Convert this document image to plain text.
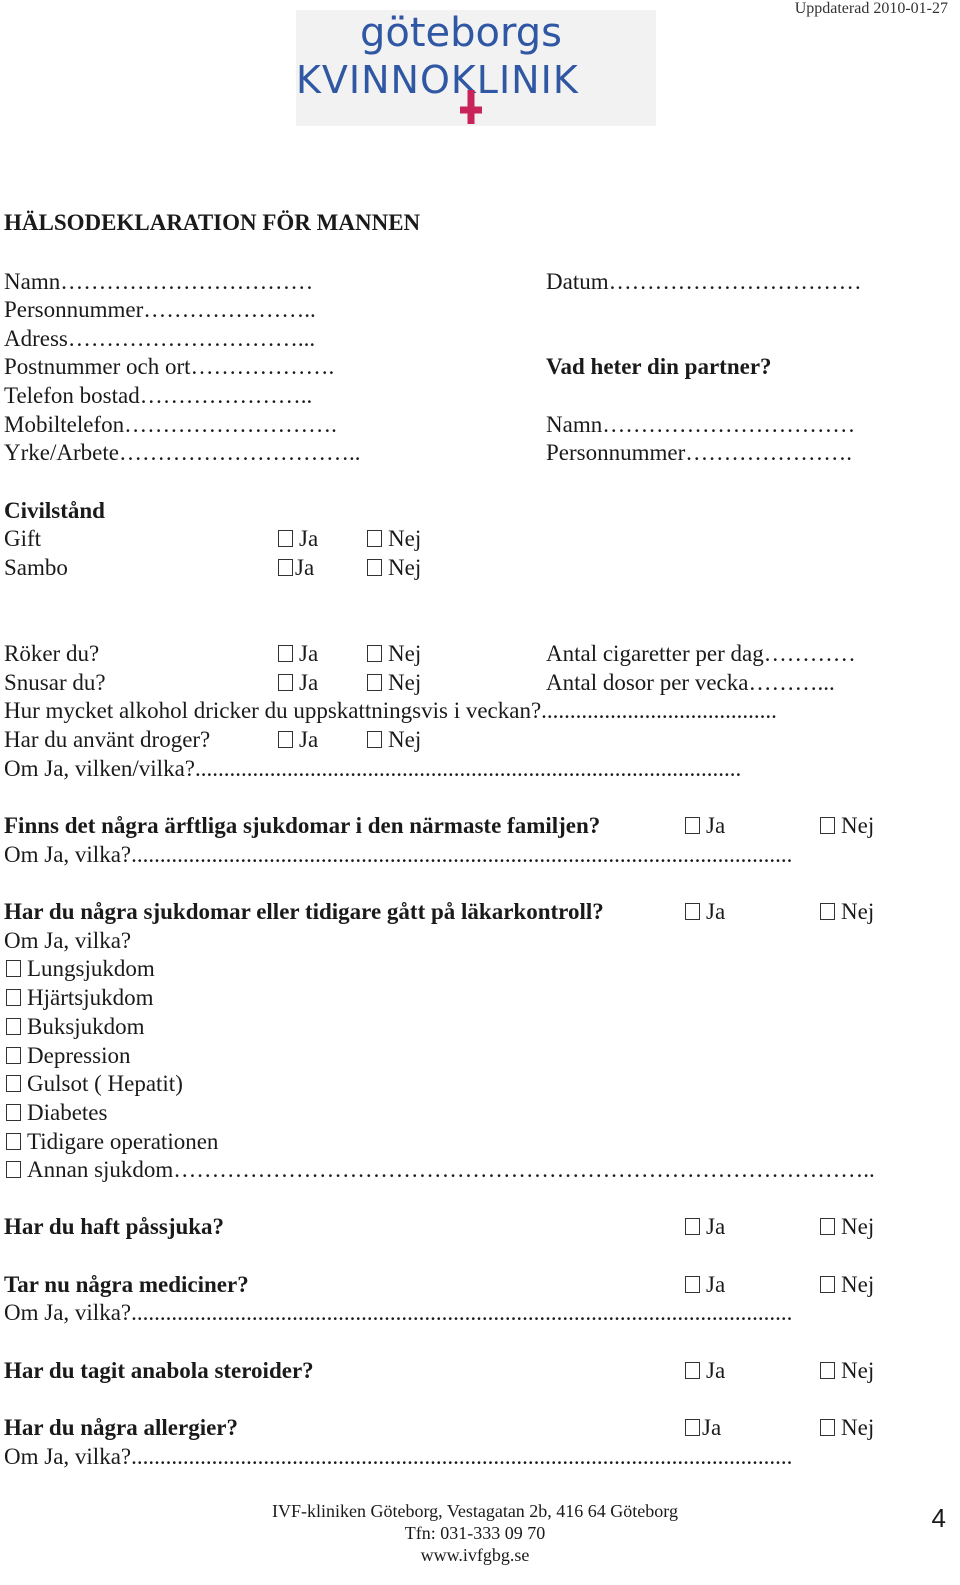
Uppdaterad 2010-01-27
göteborgs
KVINNOKLINIK
HÄLSODEKLARATION FÖR MANNEN
Namn……………………………
Personnummer…………………..
Adress…………………………...
Postnummer och ort……………….
Telefon bostad…………………..
Mobiltelefon……………………….
Yrke/Arbete…………………………..
Datum……………………………
Vad heter din partner?
Namn……………………………
Personnummer………………….
Civilstånd
Gift	Ja	Nej
Sambo	Ja	Nej
Röker du?	Ja	Nej	Antal cigaretter per dag…………
Snusar du?	Ja	Nej	Antal dosor per vecka………...
Hur mycket alkohol dricker du uppskattningsvis i veckan?.........................................
Har du använt droger?	Ja	Nej
Om Ja, vilken/vilka?...............................................................................................
Finns det några ärftliga sjukdomar i den närmaste familjen?	Ja	Nej
Om Ja, vilka?...................................................................................................................
Har du några sjukdomar eller tidigare gått på läkarkontroll?	Ja	Nej
Om Ja, vilka?
Lungsjukdom
Hjärtsjukdom
Buksjukdom
Depression
Gulsot ( Hepatit)
Diabetes
Tidigare operationen
Annan sjukdom………………………………………………………………………………..
Har du haft påssjuka?	Ja	Nej
Tar nu några mediciner?	Ja	Nej
Om Ja, vilka?...................................................................................................................
Har du tagit anabola steroider?	Ja	Nej
Har du några allergier?	Ja	Nej
Om Ja, vilka?...................................................................................................................
IVF-kliniken Göteborg, Vestagatan 2b, 416 64 Göteborg
Tfn: 031-333 09 70
www.ivfgbg.se
4
